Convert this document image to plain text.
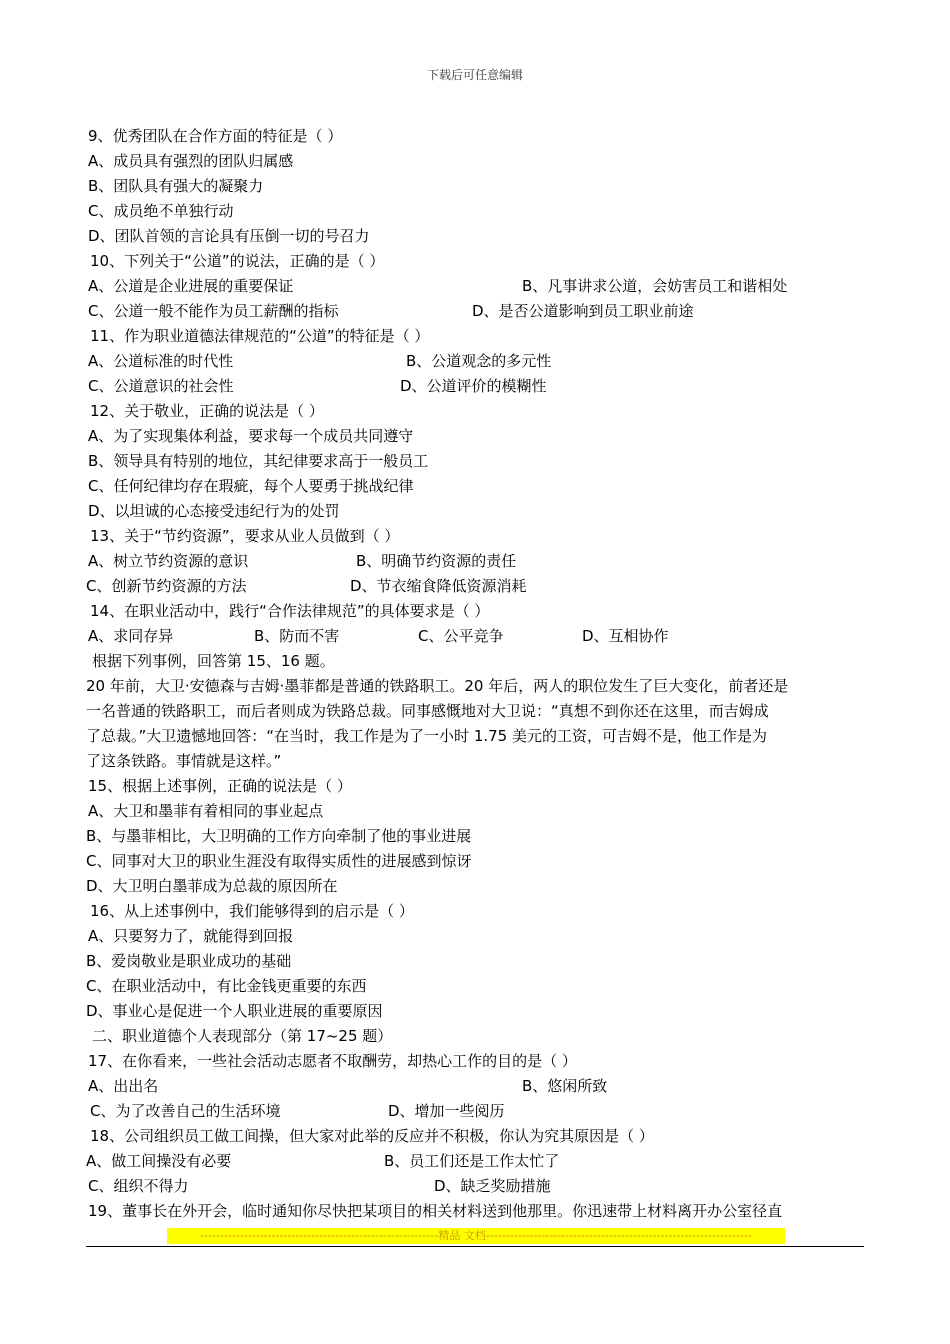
下载后可任意编辑
9、优秀团队在合作方面的特征是（ ）
A、成员具有强烈的团队归属感
B、团队具有强大的凝聚力
C、成员绝不单独行动
D、团队首领的言论具有压倒一切的号召力
10、下列关于“公道”的说法，正确的是（ ）
A、公道是企业进展的重要保证	B、凡事讲求公道，会妨害员工和谐相处
C、公道一般不能作为员工薪酬的指标	D、是否公道影响到员工职业前途
11、作为职业道德法律规范的“公道”的特征是（ ）
A、公道标准的时代性	B、公道观念的多元性
C、公道意识的社会性	D、公道评价的模糊性
12、关于敬业，正确的说法是（ ）
A、为了实现集体利益，要求每一个成员共同遵守
B、领导具有特别的地位，其纪律要求高于一般员工
C、任何纪律均存在瑕疵，每个人要勇于挑战纪律
D、以坦诚的心态接受违纪行为的处罚
13、关于“节约资源”，要求从业人员做到（ ）
A、树立节约资源的意识	B、明确节约资源的责任
C、创新节约资源的方法	D、节衣缩食降低资源消耗
14、在职业活动中，践行“合作法律规范”的具体要求是（ ）
A、求同存异	B、防而不害	C、公平竞争	D、互相协作
根据下列事例，回答第 15、16 题。
20 年前，大卫·安德森与吉姆·墨菲都是普通的铁路职工。20 年后，两人的职位发生了巨大变化，前者还是
一名普通的铁路职工，而后者则成为铁路总裁。同事感慨地对大卫说：“真想不到你还在这里，而吉姆成
了总裁。”大卫遗憾地回答：“在当时，我工作是为了一小时 1.75 美元的工资，可吉姆不是，他工作是为
了这条铁路。事情就是这样。”
15、根据上述事例，正确的说法是（ ）
A、大卫和墨菲有着相同的事业起点
B、与墨菲相比，大卫明确的工作方向牵制了他的事业进展
C、同事对大卫的职业生涯没有取得实质性的进展感到惊讶
D、大卫明白墨菲成为总裁的原因所在
16、从上述事例中，我们能够得到的启示是（ ）
A、只要努力了，就能得到回报
B、爱岗敬业是职业成功的基础
C、在职业活动中，有比金钱更重要的东西
D、事业心是促进一个人职业进展的重要原因
二、职业道德个人表现部分（第 17~25 题）
17、在你看来，一些社会活动志愿者不取酬劳，却热心工作的目的是（ ）
A、出出名	B、悠闲所致
C、为了改善自己的生活环境	D、增加一些阅历
18、公司组织员工做工间操，但大家对此举的反应并不积极，你认为究其原因是（ ）
A、做工间操没有必要	B、员工们还是工作太忙了
C、组织不得力	D、缺乏奖励措施
19、董事长在外开会，临时通知你尽快把某项目的相关材料送到他那里。你迅速带上材料离开办公室径直
------------------------------------------------------------精品 文档-------------------------------------------------------------------
